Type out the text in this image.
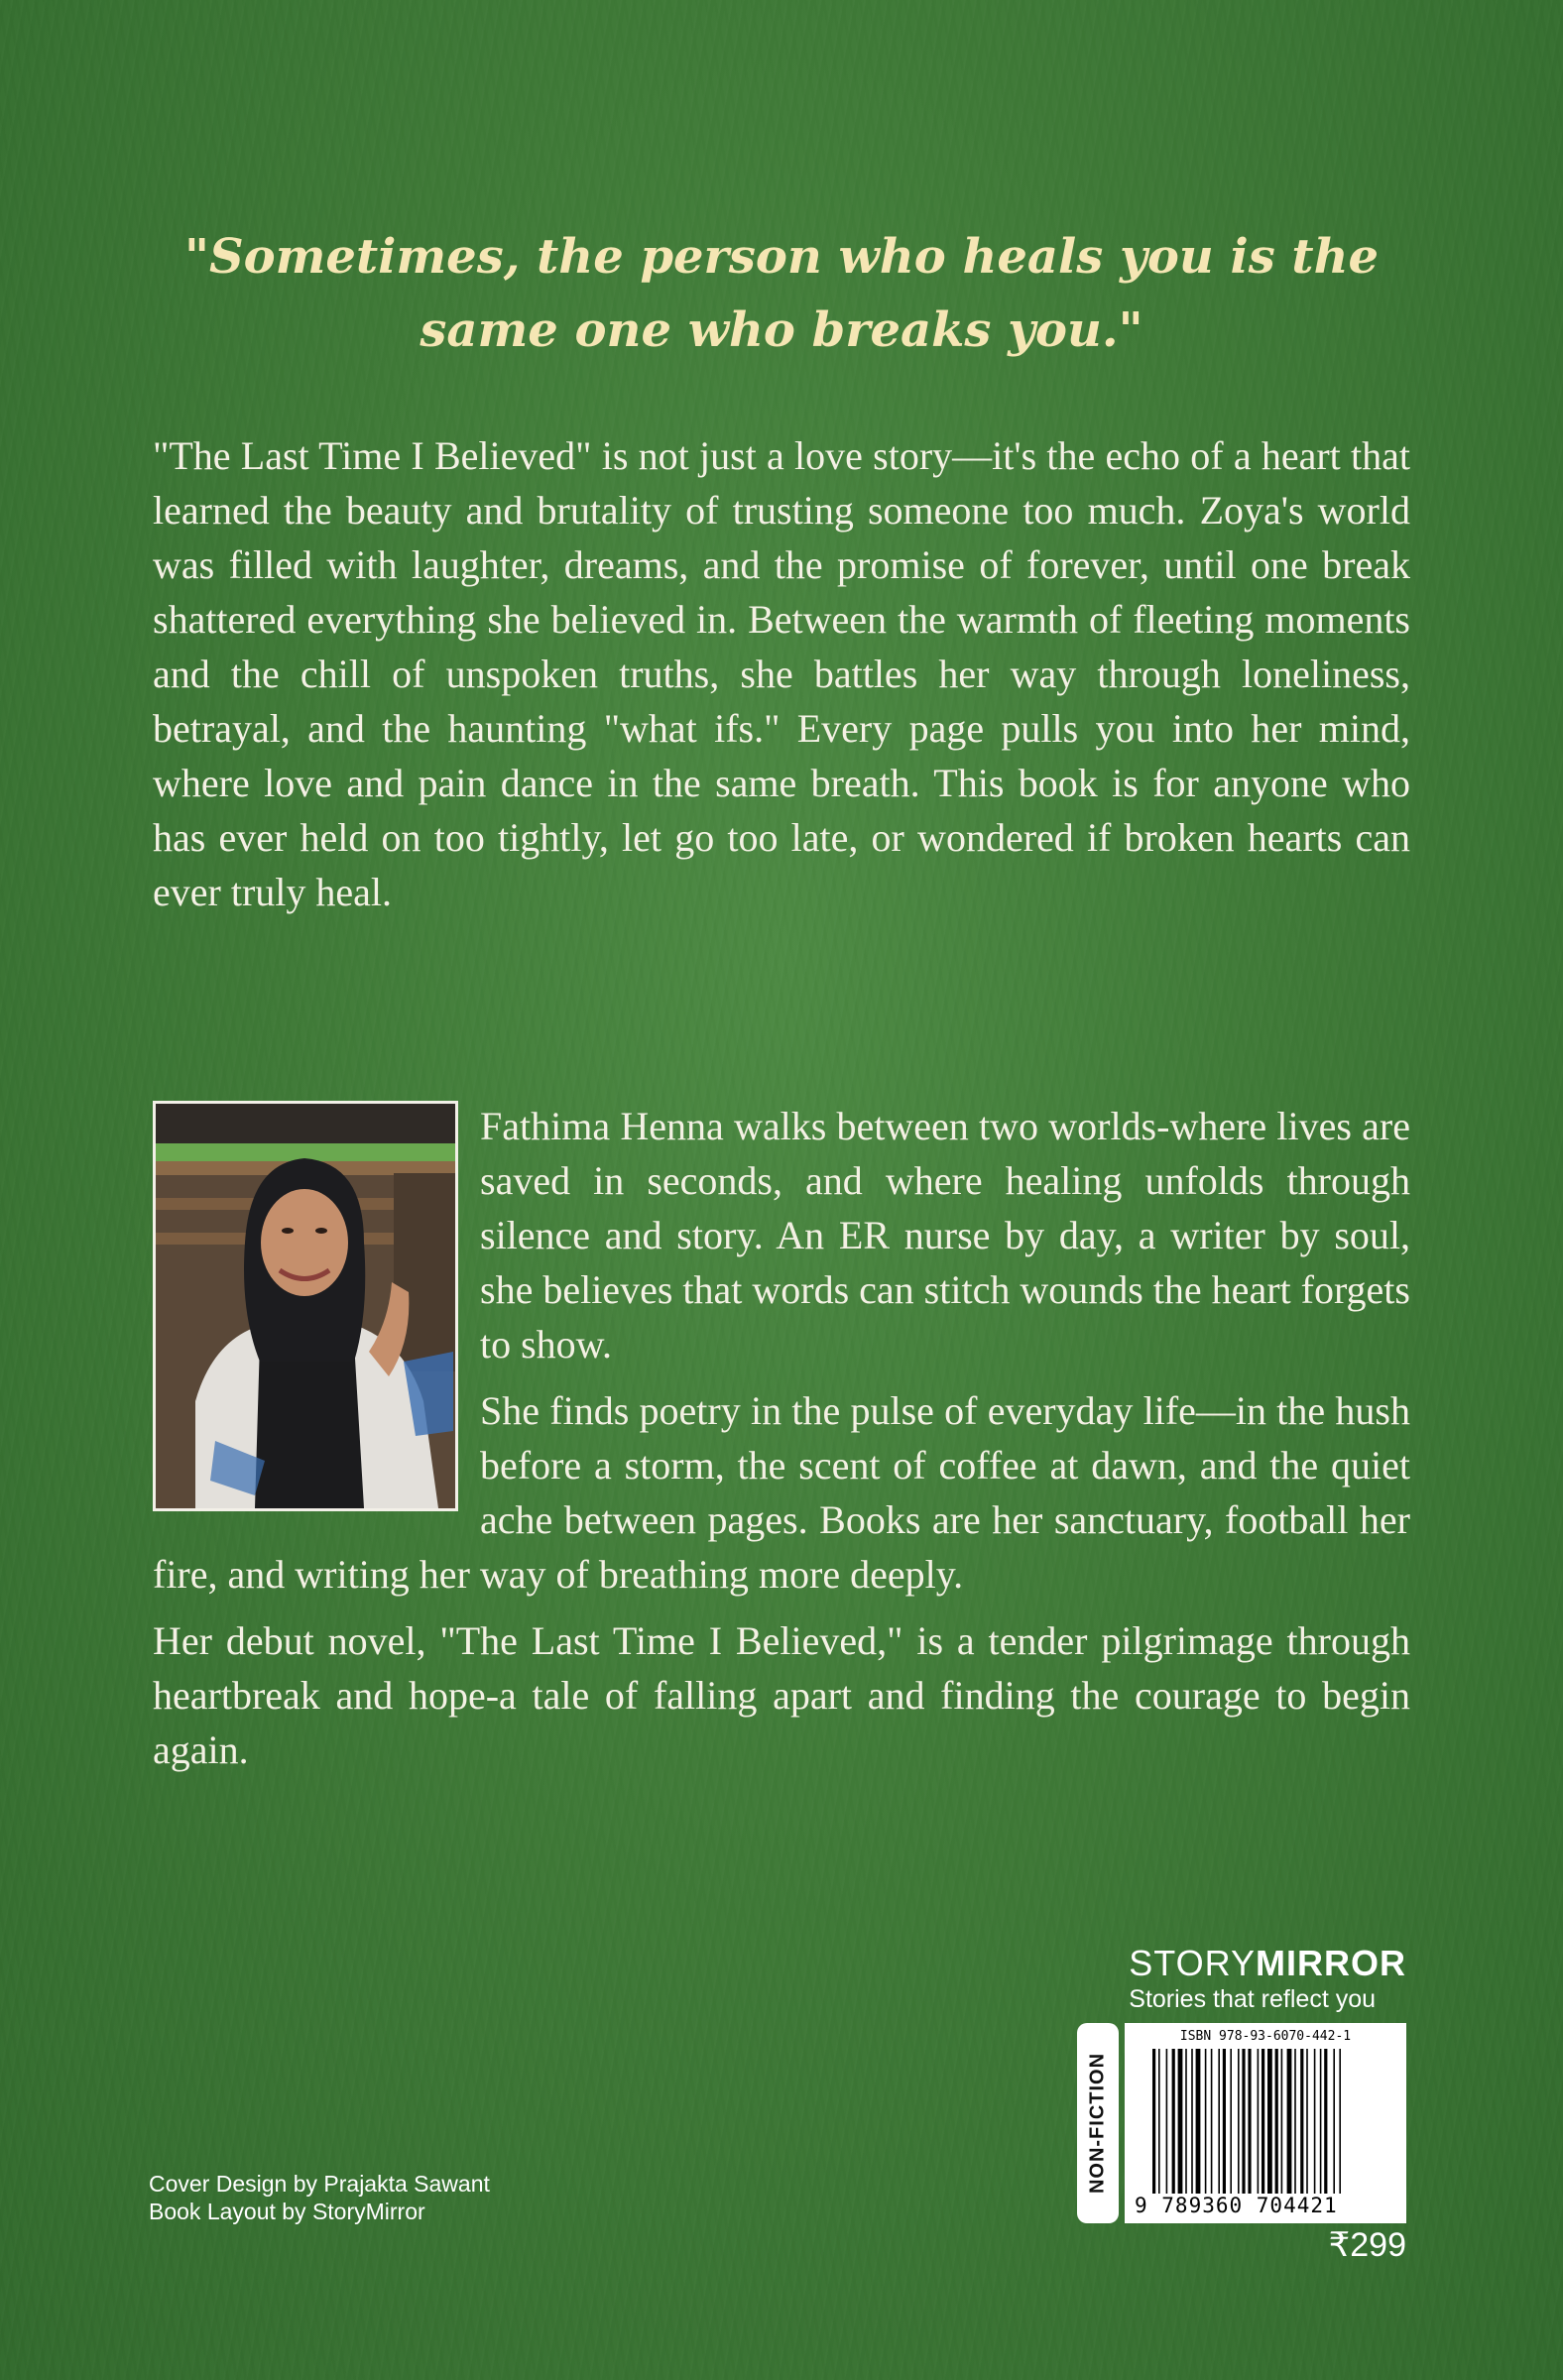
"Sometimes, the person who heals you is the
same one who breaks you."

"The Last Time I Believed" is not just a love story—it's the echo of a heart that learned the beauty and brutality of trusting someone too much. Zoya's world was filled with laughter, dreams, and the promise of forever, until one break shattered everything she believed in. Between the warmth of fleeting moments and the chill of unspoken truths, she battles her way through loneliness, betrayal, and the haunting "what ifs." Every page pulls you into her mind, where love and pain dance in the same breath. This book is for anyone who has ever held on too tightly, let go too late, or wondered if broken hearts can ever truly heal.

Fathima Henna walks between two worlds-where lives are saved in seconds, and where healing unfolds through silence and story. An ER nurse by day, a writer by soul, she believes that words can stitch wounds the heart forgets to show.

She finds poetry in the pulse of everyday life—in the hush before a storm, the scent of coffee at dawn, and the quiet ache between pages. Books are her sanctuary, football her fire, and writing her way of breathing more deeply.

Her debut novel, "The Last Time I Believed," is a tender pilgrimage through heartbreak and hope-a tale of falling apart and finding the courage to begin again.

Cover Design by Prajakta Sawant
Book Layout by StoryMirror
STORYMIRROR
Stories that reflect you
NON-FICTION
ISBN 978-93-6070-442-1
9 789360 704421
₹299
